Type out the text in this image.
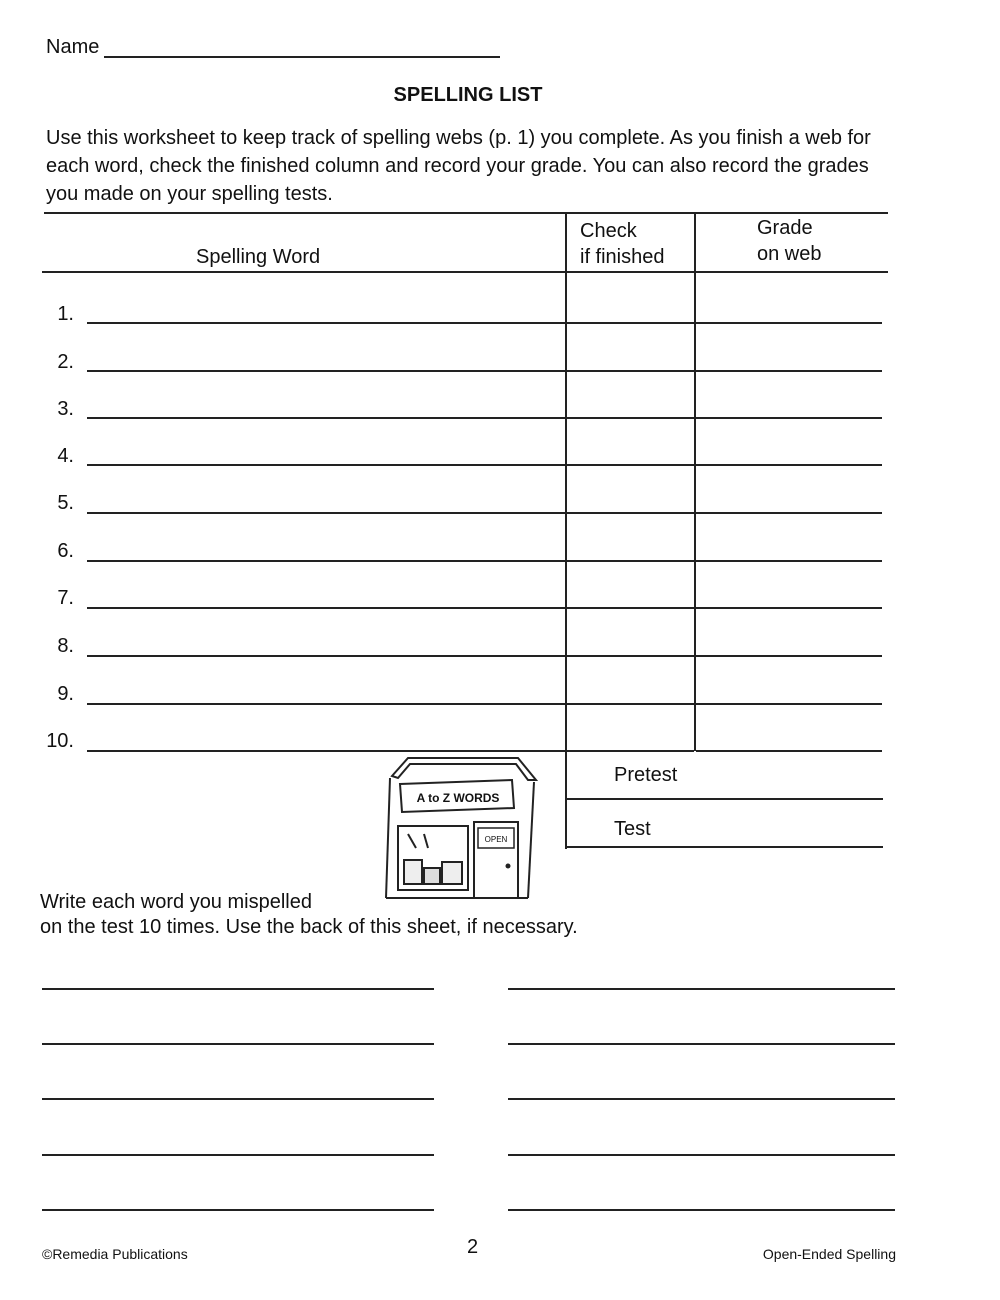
Name
SPELLING LIST
Use this worksheet to keep track of spelling webs (p. 1) you complete. As you finish a web for each word, check the finished column and record your grade. You can also record the grades you made on your spelling tests.
Spelling Word
Check
if finished
Grade
on web
1.
2.
3.
4.
5.
6.
7.
8.
9.
10.
Pretest
Test
A to Z WORDS
OPEN
Write each word you mispelled
on the test 10 times. Use the back of this sheet, if necessary.
©Remedia Publications	2	Open-Ended Spelling
